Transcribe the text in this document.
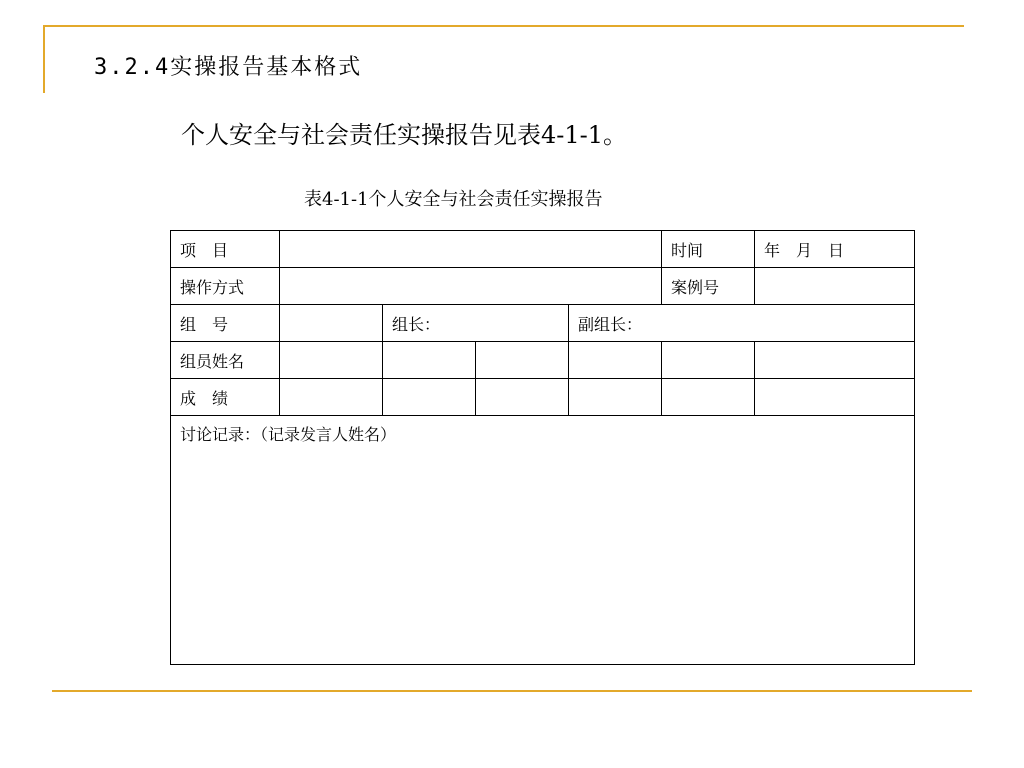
3.2.4实操报告基本格式
个人安全与社会责任实操报告见表4-1-1。
表4-1-1个人安全与社会责任实操报告
项　目					时间	年　月　日
操作方式					案例号	
组　号		组长：		副组长：		
组员姓名						
成　绩						
讨论记录：（记录发言人姓名）						
